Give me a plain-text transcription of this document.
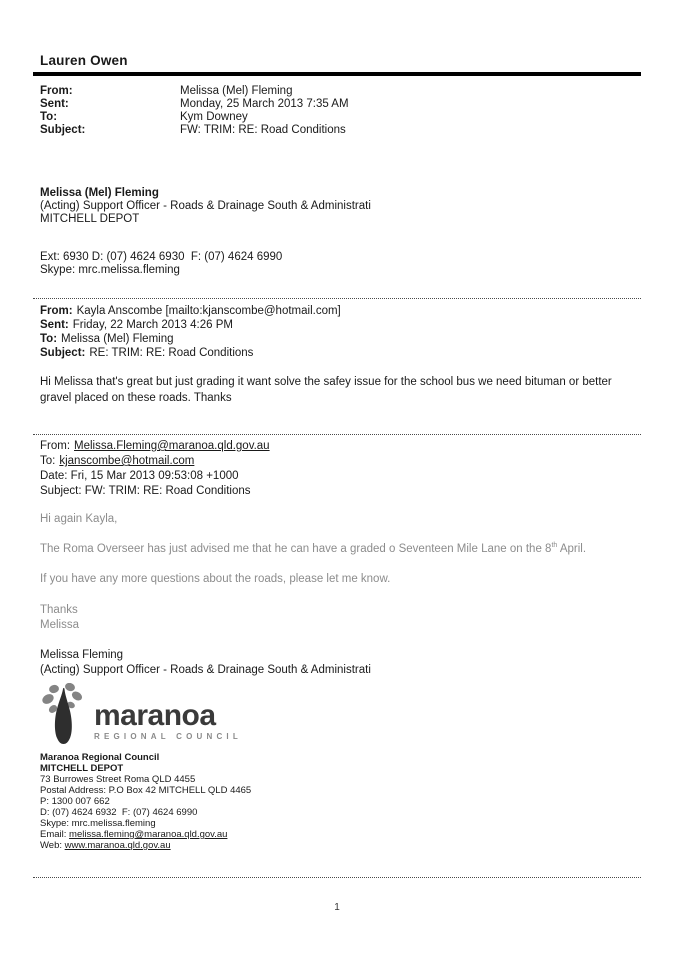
Lauren Owen
From:	Melissa (Mel) Fleming
Sent:	Monday, 25 March 2013 7:35 AM
To:	Kym Downey
Subject:	FW: TRIM: RE: Road Conditions
Melissa (Mel) Fleming
(Acting) Support Officer - Roads & Drainage South & Administrati
MITCHELL DEPOT
Ext: 6930 D: (07) 4624 6930  F: (07) 4624 6990
Skype: mrc.melissa.fleming
From: Kayla Anscombe [mailto:kjanscombe@hotmail.com]
Sent: Friday, 22 March 2013 4:26 PM
To: Melissa (Mel) Fleming
Subject: RE: TRIM: RE: Road Conditions
Hi Melissa that's great but just grading it want solve the safey issue for the school bus we need bituman or better gravel placed on these roads. Thanks
From: Melissa.Fleming@maranoa.qld.gov.au
To: kjanscombe@hotmail.com
Date: Fri, 15 Mar 2013 09:53:08 +1000
Subject: FW: TRIM: RE: Road Conditions
Hi again Kayla,

The Roma Overseer has just advised me that he can have a graded o Seventeen Mile Lane on the 8th April.

If you have any more questions about the roads, please let me know.

Thanks
Melissa
Melissa Fleming
(Acting) Support Officer - Roads & Drainage South & Administrati
maranoa
REGIONAL COUNCIL
Maranoa Regional Council
MITCHELL DEPOT
73 Burrowes Street Roma QLD 4455
Postal Address: P.O Box 42 MITCHELL QLD 4465
P: 1300 007 662
D: (07) 4624 6932  F: (07) 4624 6990
Skype: mrc.melissa.fleming
Email: melissa.fleming@maranoa.qld.gov.au
Web: www.maranoa.qld.gov.au
1
